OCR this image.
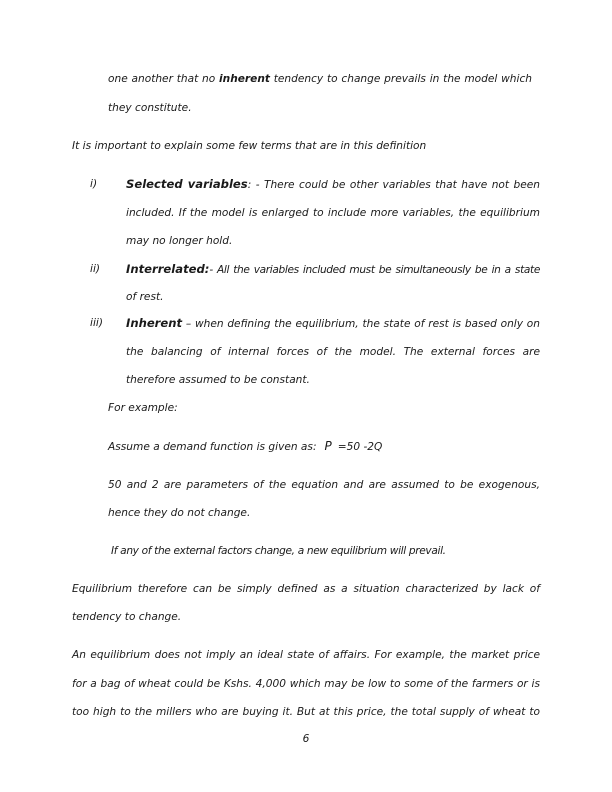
one another that no inherent tendency to change prevails in the model which
they constitute.
It is important to explain some few terms that are in this definition
i) Selected variables: - There could be other variables that have not been
included. If the model is enlarged to include more variables, the equilibrium
may no longer hold.
ii) Interrelated:- All the variables included must be simultaneously be in a state
of rest.
iii) Inherent – when defining the equilibrium, the state of rest is based only on
the balancing of internal forces of the model. The external forces are
therefore assumed to be constant.
For example:
Assume a demand function is given as: P =50 -2Q
50 and 2 are parameters of the equation and are assumed to be exogenous,
hence they do not change.
If any of the external factors change, a new equilibrium will prevail.
Equilibrium therefore can be simply defined as a situation characterized by lack of
tendency to change.
An equilibrium does not imply an ideal state of affairs. For example, the market price
for a bag of wheat could be Kshs. 4,000 which may be low to some of the farmers or is
too high to the millers who are buying it. But at this price, the total supply of wheat to
6
